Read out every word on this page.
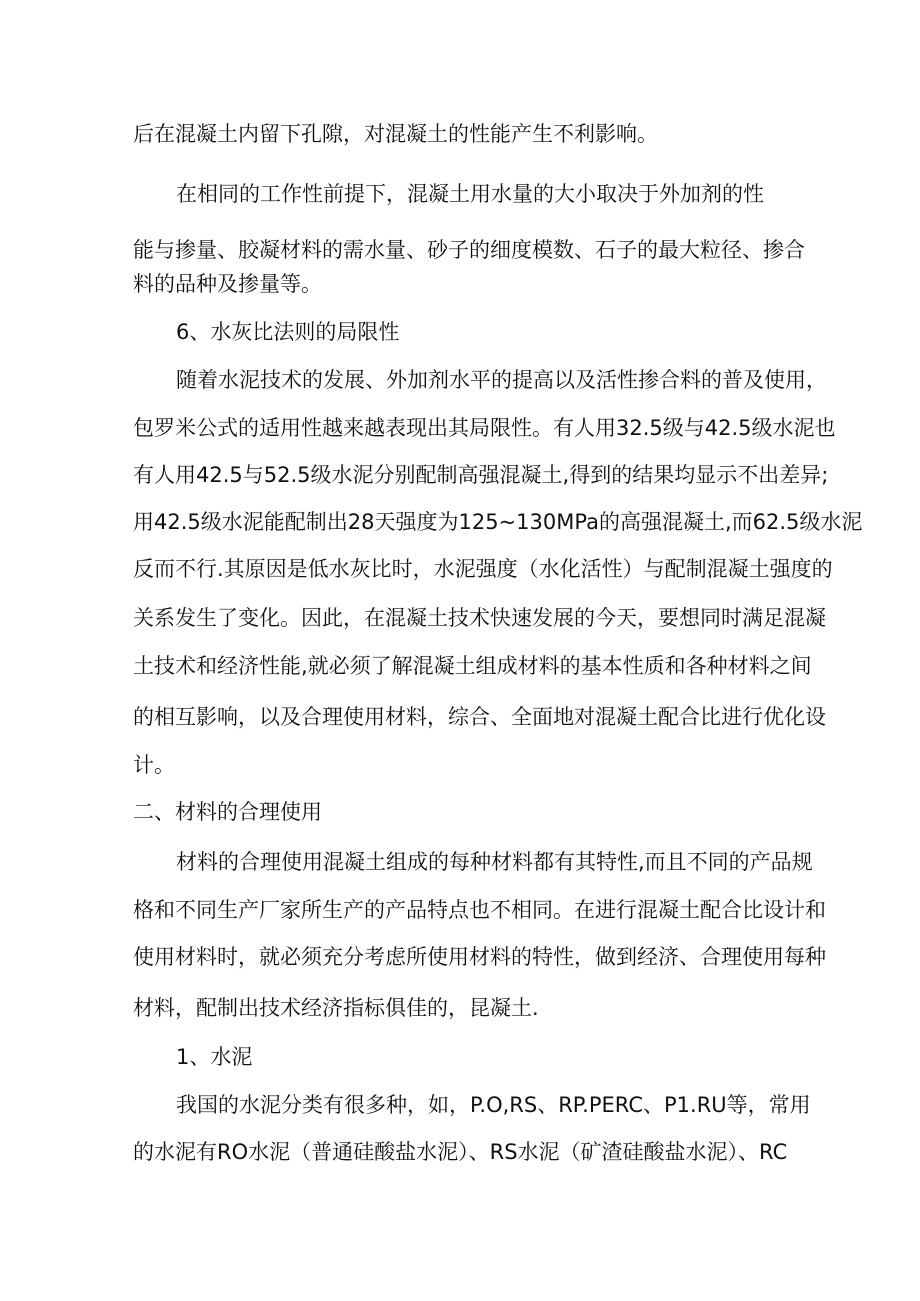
后在混凝土内留下孔隙，对混凝土的性能产生不利影响。
在相同的工作性前提下，混凝土用水量的大小取决于外加剂的性
能与掺量、胶凝材料的需水量、砂子的细度模数、石子的最大粒径、掺合
料的品种及掺量等。
6、水灰比法则的局限性
随着水泥技术的发展、外加剂水平的提高以及活性掺合料的普及使用，
包罗米公式的适用性越来越表现出其局限性。有人用32.5级与42.5级水泥也
有人用42.5与52.5级水泥分别配制高强混凝土,得到的结果均显示不出差异;
用42.5级水泥能配制出28天强度为125~130MPa的高强混凝土,而62.5级水泥
反而不行.其原因是低水灰比时，水泥强度（水化活性）与配制混凝土强度的
关系发生了变化。因此，在混凝土技术快速发展的今天，要想同时满足混凝
土技术和经济性能,就必须了解混凝土组成材料的基本性质和各种材料之间
的相互影响，以及合理使用材料，综合、全面地对混凝土配合比进行优化设
计。
二、材料的合理使用
材料的合理使用混凝土组成的每种材料都有其特性,而且不同的产品规
格和不同生产厂家所生产的产品特点也不相同。在进行混凝土配合比设计和
使用材料时，就必须充分考虑所使用材料的特性，做到经济、合理使用每种
材料，配制出技术经济指标俱佳的，昆凝土.
1、水泥
我国的水泥分类有很多种，如，P.O,RS、RP.PERC、P1.RU等，常用
的水泥有RO水泥（普通硅酸盐水泥）、RS水泥（矿渣硅酸盐水泥）、RC
